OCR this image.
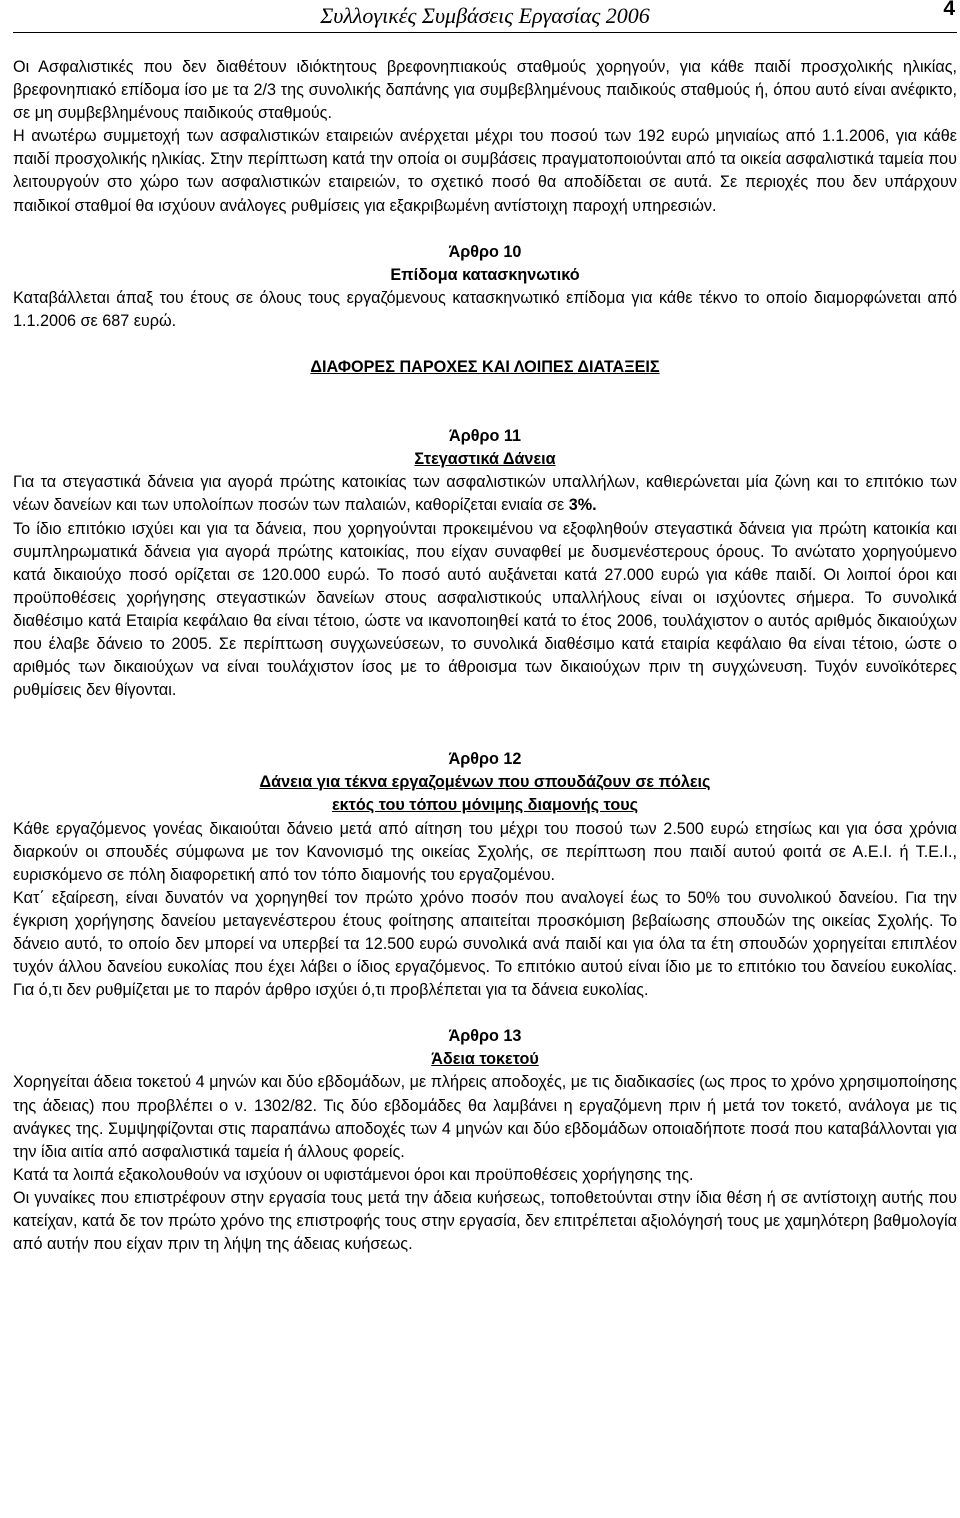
Συλλογικές Συμβάσεις Εργασίας 2006	4

Οι Ασφαλιστικές που δεν διαθέτουν ιδιόκτητους βρεφονηπιακούς σταθμούς χορηγούν, για κάθε παιδί προσχολικής ηλικίας, βρεφονηπιακό επίδομα ίσο με τα 2/3 της συνολικής δαπάνης για συμβεβλημένους παιδικούς σταθμούς ή, όπου αυτό είναι ανέφικτο, σε μη συμβεβλημένους παιδικούς σταθμούς.

Η ανωτέρω συμμετοχή των ασφαλιστικών εταιρειών ανέρχεται μέχρι του ποσού των 192 ευρώ μηνιαίως από 1.1.2006, για κάθε παιδί προσχολικής ηλικίας. Στην περίπτωση κατά την οποία οι συμβάσεις πραγματοποιούνται από τα οικεία ασφαλιστικά ταμεία που λειτουργούν στο χώρο των ασφαλιστικών εταιρειών, το σχετικό ποσό θα αποδίδεται σε αυτά. Σε περιοχές που δεν υπάρχουν παιδικοί σταθμοί θα ισχύουν ανάλογες ρυθμίσεις για εξακριβωμένη αντίστοιχη παροχή υπηρεσιών.

Άρθρο 10

Επίδομα κατασκηνωτικό

Καταβάλλεται άπαξ του έτους σε όλους τους εργαζόμενους κατασκηνωτικό επίδομα για κάθε τέκνο το οποίο διαμορφώνεται από 1.1.2006 σε 687 ευρώ.

ΔΙΑΦΟΡΕΣ ΠΑΡΟΧΕΣ ΚΑΙ ΛΟΙΠΕΣ ΔΙΑΤΑΞΕΙΣ

Άρθρο 11

Στεγαστικά Δάνεια

Για τα στεγαστικά δάνεια για αγορά πρώτης κατοικίας των ασφαλιστικών υπαλλήλων, καθιερώνεται μία ζώνη και το επιτόκιο των νέων δανείων και των υπολοίπων ποσών των παλαιών, καθορίζεται ενιαία σε 3%.

Το ίδιο επιτόκιο ισχύει και για τα δάνεια, που χορηγούνται προκειμένου να εξοφληθούν στεγαστικά δάνεια για πρώτη κατοικία και συμπληρωματικά δάνεια για αγορά πρώτης κατοικίας, που είχαν συναφθεί με δυσμενέστερους όρους. Το ανώτατο χορηγούμενο κατά δικαιούχο ποσό ορίζεται σε 120.000 ευρώ. Το ποσό αυτό αυξάνεται κατά 27.000 ευρώ για κάθε παιδί. Οι λοιποί όροι και προϋποθέσεις χορήγησης στεγαστικών δανείων στους ασφαλιστικούς υπαλλήλους είναι οι ισχύοντες σήμερα. Το συνολικά διαθέσιμο κατά Εταιρία κεφάλαιο θα είναι τέτοιο, ώστε να ικανοποιηθεί κατά το έτος 2006, τουλάχιστον ο αυτός αριθμός δικαιούχων που έλαβε δάνειο το 2005. Σε περίπτωση συγχωνεύσεων, το συνολικά διαθέσιμο κατά εταιρία κεφάλαιο θα είναι τέτοιο, ώστε ο αριθμός των δικαιούχων να είναι τουλάχιστον ίσος με το άθροισμα των δικαιούχων πριν τη συγχώνευση. Τυχόν ευνοϊκότερες ρυθμίσεις δεν θίγονται.

Άρθρο 12

Δάνεια για τέκνα εργαζομένων που σπουδάζουν σε πόλεις

εκτός του τόπου μόνιμης διαμονής τους

Κάθε εργαζόμενος γονέας δικαιούται δάνειο μετά από αίτηση του μέχρι του ποσού των 2.500 ευρώ ετησίως και για όσα χρόνια διαρκούν οι σπουδές σύμφωνα με τον Κανονισμό της οικείας Σχολής, σε περίπτωση που παιδί αυτού φοιτά σε Α.Ε.Ι. ή Τ.Ε.Ι., ευρισκόμενο σε πόλη διαφορετική από τον τόπο διαμονής του εργαζομένου.

Κατ΄ εξαίρεση, είναι δυνατόν να χορηγηθεί τον πρώτο χρόνο ποσόν που αναλογεί έως το 50% του συνολικού δανείου. Για την έγκριση χορήγησης δανείου μεταγενέστερου έτους φοίτησης απαιτείται προσκόμιση βεβαίωσης σπουδών της οικείας Σχολής. Το δάνειο αυτό, το οποίο δεν μπορεί να υπερβεί τα 12.500 ευρώ συνολικά ανά παιδί και για όλα τα έτη σπουδών χορηγείται επιπλέον τυχόν άλλου δανείου ευκολίας που έχει λάβει ο ίδιος εργαζόμενος. Το επιτόκιο αυτού είναι ίδιο με το επιτόκιο του δανείου ευκολίας. Για ό,τι δεν ρυθμίζεται με το παρόν άρθρο ισχύει ό,τι προβλέπεται για τα δάνεια ευκολίας.

Άρθρο 13

Άδεια τοκετού

Χορηγείται άδεια τοκετού 4 μηνών και δύο εβδομάδων, με πλήρεις αποδοχές, με τις διαδικασίες (ως προς το χρόνο χρησιμοποίησης της άδειας) που προβλέπει ο ν. 1302/82. Τις δύο εβδομάδες θα λαμβάνει η εργαζόμενη πριν ή μετά τον τοκετό, ανάλογα με τις ανάγκες της. Συμψηφίζονται στις παραπάνω αποδοχές των 4 μηνών και δύο εβδομάδων οποιαδήποτε ποσά που καταβάλλονται για την ίδια αιτία από ασφαλιστικά ταμεία ή άλλους φορείς.

Κατά τα λοιπά εξακολουθούν να ισχύουν οι υφιστάμενοι όροι και προϋποθέσεις χορήγησης της.

Οι γυναίκες που επιστρέφουν στην εργασία τους μετά την άδεια κυήσεως, τοποθετούνται στην ίδια θέση ή σε αντίστοιχη αυτής που κατείχαν, κατά δε τον πρώτο χρόνο της επιστροφής τους στην εργασία, δεν επιτρέπεται αξιολόγησή τους με χαμηλότερη βαθμολογία από αυτήν που είχαν πριν τη λήψη της άδειας κυήσεως.
